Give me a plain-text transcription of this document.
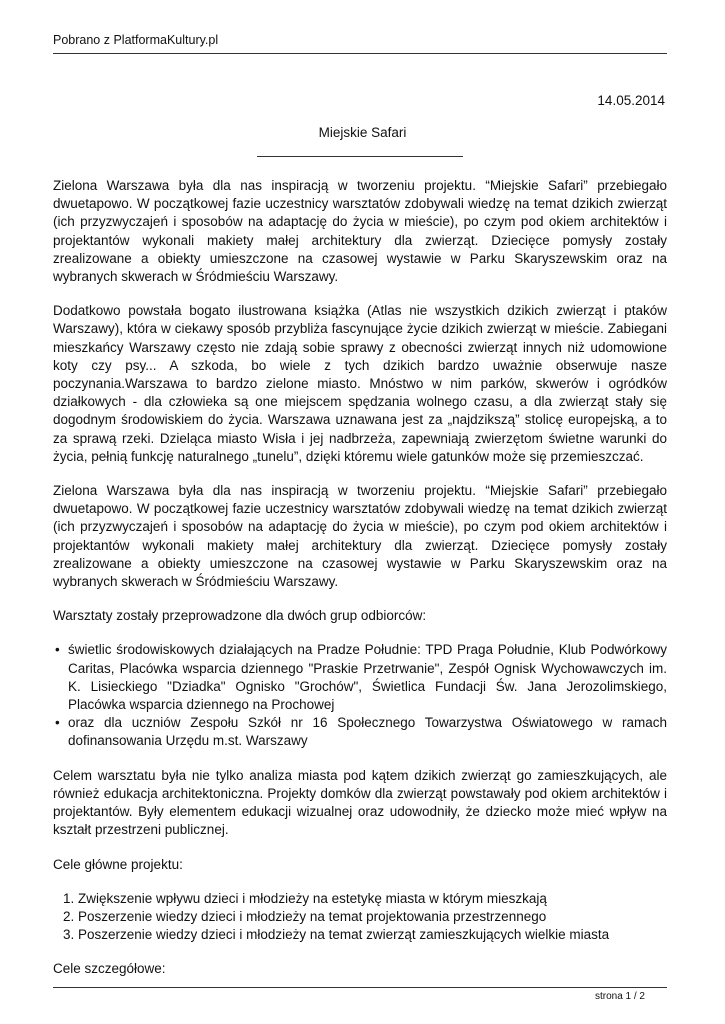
Pobrano z PlatformaKultury.pl
14.05.2014
Miejskie Safari

Zielona Warszawa była dla nas inspiracją w tworzeniu projektu. “Miejskie Safari” przebiegało dwuetapowo. W początkowej fazie uczestnicy warsztatów zdobywali wiedzę na temat dzikich zwierząt (ich przyzwyczajeń i sposobów na adaptację do życia w mieście), po czym pod okiem architektów i projektantów wykonali makiety małej architektury dla zwierząt. Dziecięce pomysły zostały zrealizowane a obiekty umieszczone na czasowej wystawie w Parku Skaryszewskim oraz na wybranych skwerach w Śródmieściu Warszawy.

Dodatkowo powstała bogato ilustrowana książka (Atlas nie wszystkich dzikich zwierząt i ptaków Warszawy), która w ciekawy sposób przybliża fascynujące życie dzikich zwierząt w mieście. Zabiegani mieszkańcy Warszawy często nie zdają sobie sprawy z obecności zwierząt innych niż udomowione koty czy psy... A szkoda, bo wiele z tych dzikich bardzo uważnie obserwuje nasze poczynania.Warszawa to bardzo zielone miasto. Mnóstwo w nim parków, skwerów i ogródków działkowych - dla człowieka są one miejscem spędzania wolnego czasu, a dla zwierząt stały się dogodnym środowiskiem do życia. Warszawa uznawana jest za „najdzikszą” stolicę europejską, a to za sprawą rzeki. Dzieląca miasto Wisła i jej nadbrzeża, zapewniają zwierzętom świetne warunki do życia, pełnią funkcję naturalnego „tunelu”, dzięki któremu wiele gatunków może się przemieszczać.

Zielona Warszawa była dla nas inspiracją w tworzeniu projektu. “Miejskie Safari” przebiegało dwuetapowo. W początkowej fazie uczestnicy warsztatów zdobywali wiedzę na temat dzikich zwierząt (ich przyzwyczajeń i sposobów na adaptację do życia w mieście), po czym pod okiem architektów i projektantów wykonali makiety małej architektury dla zwierząt. Dziecięce pomysły zostały zrealizowane a obiekty umieszczone na czasowej wystawie w Parku Skaryszewskim oraz na wybranych skwerach w Śródmieściu Warszawy.

Warsztaty zostały przeprowadzone dla dwóch grup odbiorców:

• świetlic środowiskowych działających na Pradze Południe: TPD Praga Południe, Klub Podwórkowy Caritas, Placówka wsparcia dziennego "Praskie Przetrwanie", Zespół Ognisk Wychowawczych im. K. Lisieckiego "Dziadka" Ognisko "Grochów", Świetlica Fundacji Św. Jana Jerozolimskiego, Placówka wsparcia dziennego na Prochowej
• oraz dla uczniów Zespołu Szkół nr 16 Społecznego Towarzystwa Oświatowego w ramach dofinansowania Urzędu m.st. Warszawy

Celem warsztatu była nie tylko analiza miasta pod kątem dzikich zwierząt go zamieszkujących, ale również edukacja architektoniczna. Projekty domków dla zwierząt powstawały pod okiem architektów i projektantów. Były elementem edukacji wizualnej oraz udowodniły, że dziecko może mieć wpływ na kształt przestrzeni publicznej.

Cele główne projektu:

1. Zwiększenie wpływu dzieci i młodzieży na estetykę miasta w którym mieszkają
2. Poszerzenie wiedzy dzieci i młodzieży na temat projektowania przestrzennego
3. Poszerzenie wiedzy dzieci i młodzieży na temat zwierząt zamieszkujących wielkie miasta

Cele szczegółowe:

strona 1 / 2
